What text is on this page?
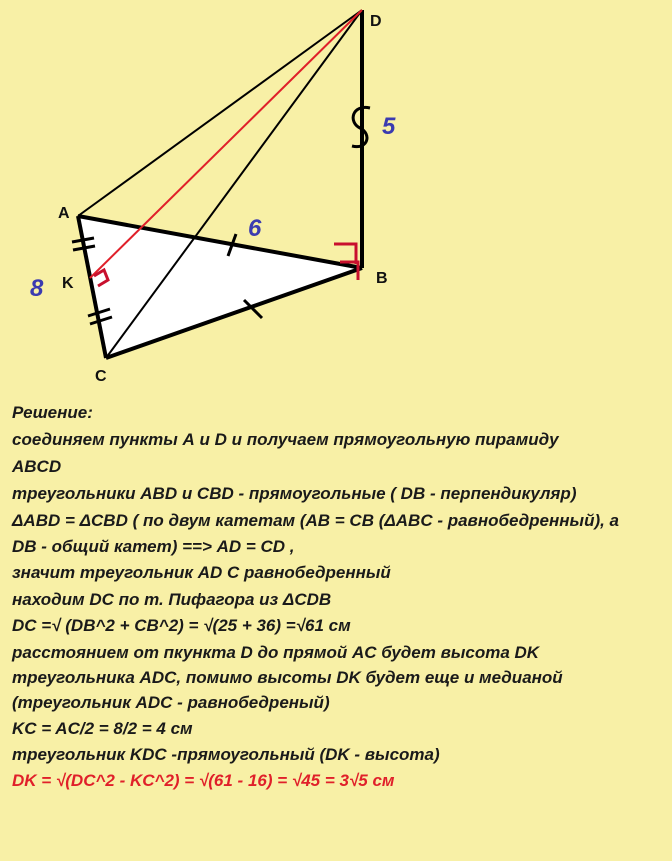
D
A
B
C
K
5
6
8
Решение:
соединяем пункты А и D и получаем прямоугольную пирамиду
ABCD
треугольники ABD и CBD - прямоугольные ( DB - перпендикуляр)
ΔABD = ΔCBD ( по двум катетам (AB = CB (ΔABC - равнобедренный), а
DB - общий катет) ==> AD = CD ,
значит треугольник AD C равнобедренный
находим DC по т. Пифагора из ΔCDB
DC =√ (DB^2 + CB^2) = √(25 + 36) =√61 см
расстоянием от пкункта D до прямой AC будет высота DK
треугольника ADC, помимо высоты DK будет еще и медианой
(треугольник ADC - равнобедреный)
KC = AC/2 = 8/2 = 4 см
треугольник KDC -прямоугольный (DK - высота)
DK = √(DC^2 - KC^2) = √(61 - 16) = √45 = 3√5 см
